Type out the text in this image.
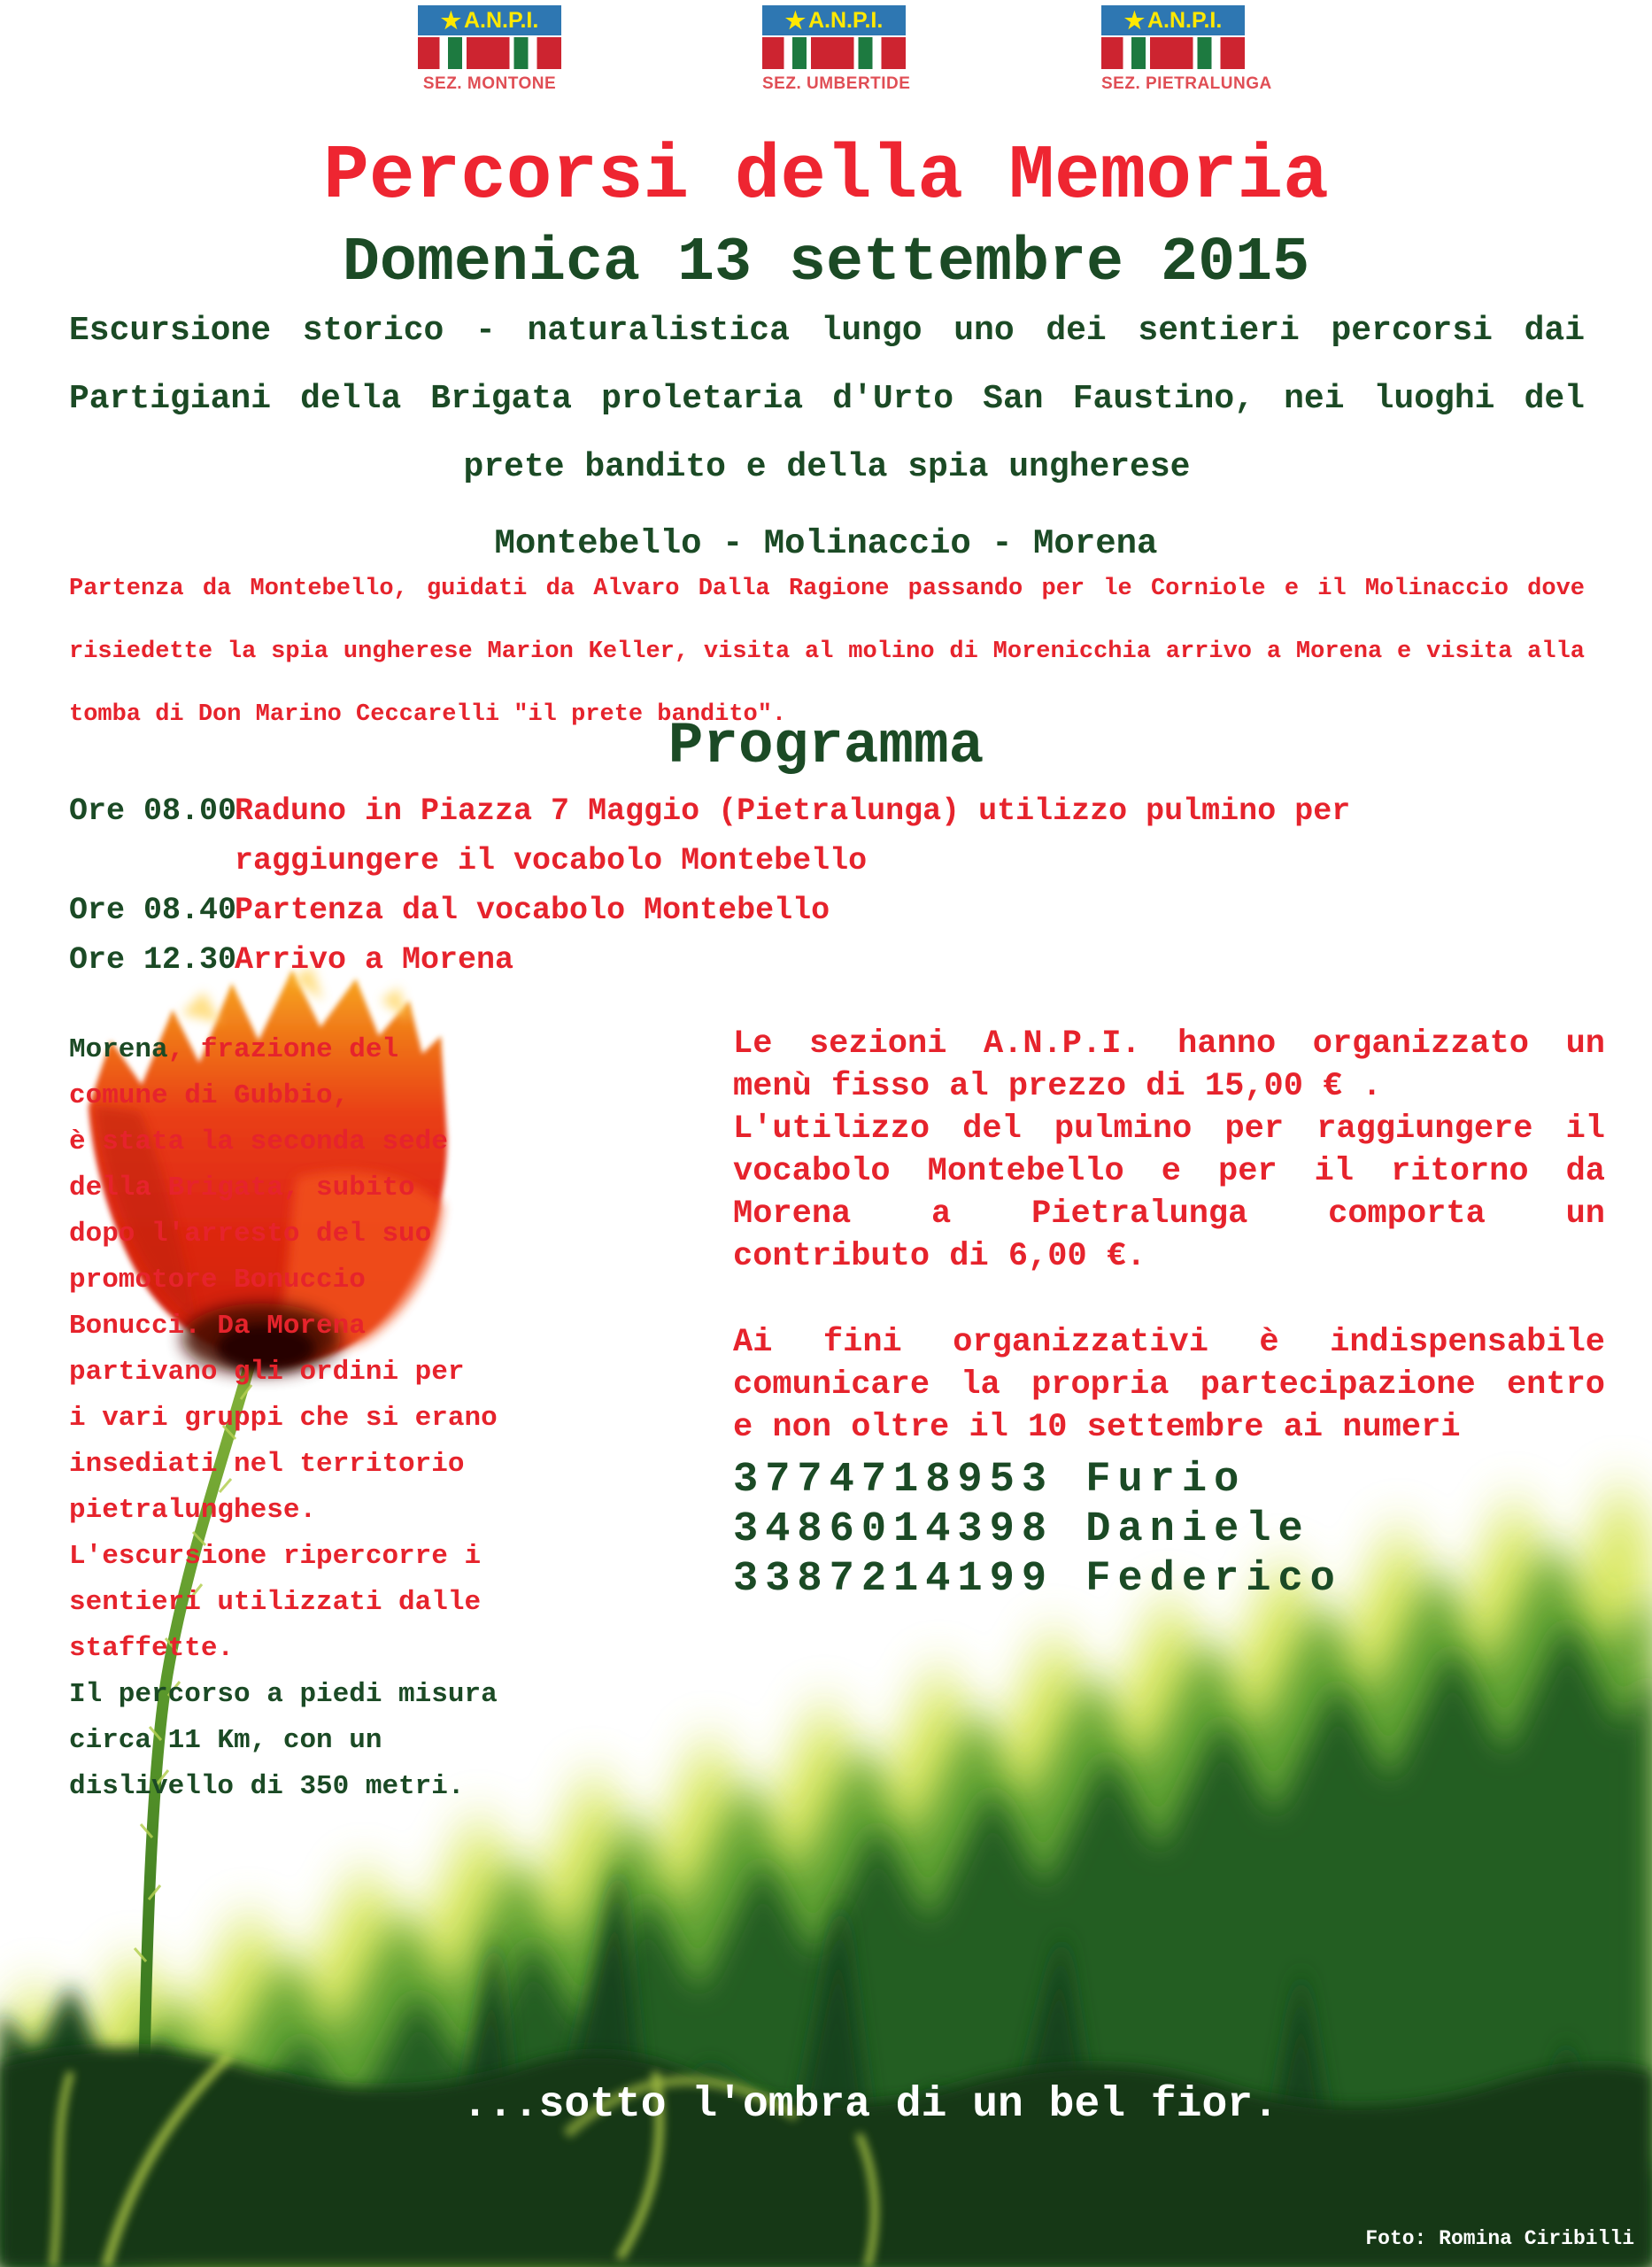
★ A.N.P.I.
SEZ. MONTONE
★ A.N.P.I.
SEZ. UMBERTIDE
★ A.N.P.I.
SEZ. PIETRALUNGA
Percorsi della Memoria
Domenica 13 settembre 2015
Escursione storico - naturalistica lungo uno dei sentieri percorsi dai
Partigiani della Brigata proletaria d'Urto San Faustino, nei luoghi del
prete bandito e della spia ungherese
Montebello - Molinaccio - Morena
Partenza da Montebello, guidati da Alvaro Dalla Ragione passando per le Corniole e il Molinaccio dove
risiedette la spia ungherese Marion Keller, visita al molino di Morenicchia arrivo a Morena e visita alla
tomba di Don Marino Ceccarelli "il prete bandito".
Programma
Ore 08.00
Raduno in Piazza 7 Maggio (Pietralunga) utilizzo pulmino per
raggiungere il vocabolo Montebello
Ore 08.40
Partenza dal vocabolo Montebello
Ore 12.30
Arrivo a Morena
Morena, frazione del
comune di Gubbio,
è stata la seconda sede
della Brigata, subito
dopo l'arresto del suo
promotore Bonuccio
Bonucci. Da Morena
partivano gli ordini per
i vari gruppi che si erano
insediati nel territorio
pietralunghese.
L'escursione ripercorre i
sentieri utilizzati dalle
staffette.
Il percorso a piedi misura
circa 11 Km, con un
dislivello di 350 metri.
Le sezioni A.N.P.I. hanno organizzato un
menù fisso al prezzo di 15,00 € .
L'utilizzo del pulmino per raggiungere il
vocabolo Montebello e per il ritorno da
Morena a Pietralunga comporta un
contributo di 6,00 €.
Ai fini organizzativi è indispensabile
comunicare la propria partecipazione entro
e non oltre il 10 settembre ai numeri
3774718953 Furio
3486014398 Daniele
3387214199 Federico
...sotto l'ombra di un bel fior.
Foto: Romina Ciribilli
